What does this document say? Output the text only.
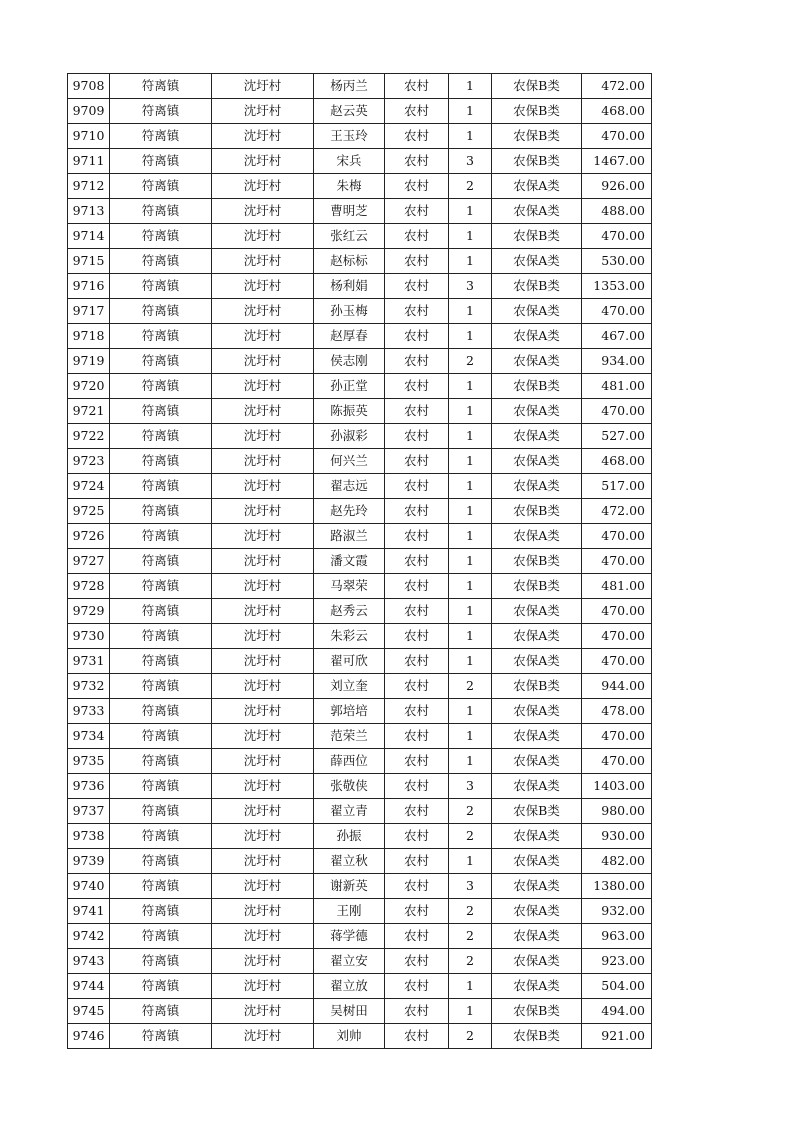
9708	符离镇	沈圩村	杨丙兰	农村	1	农保B类	472.00
9709	符离镇	沈圩村	赵云英	农村	1	农保B类	468.00
9710	符离镇	沈圩村	王玉玲	农村	1	农保B类	470.00
9711	符离镇	沈圩村	宋兵	农村	3	农保B类	1467.00
9712	符离镇	沈圩村	朱梅	农村	2	农保A类	926.00
9713	符离镇	沈圩村	曹明芝	农村	1	农保A类	488.00
9714	符离镇	沈圩村	张红云	农村	1	农保B类	470.00
9715	符离镇	沈圩村	赵标标	农村	1	农保A类	530.00
9716	符离镇	沈圩村	杨利娟	农村	3	农保B类	1353.00
9717	符离镇	沈圩村	孙玉梅	农村	1	农保A类	470.00
9718	符离镇	沈圩村	赵厚春	农村	1	农保A类	467.00
9719	符离镇	沈圩村	侯志刚	农村	2	农保A类	934.00
9720	符离镇	沈圩村	孙正堂	农村	1	农保B类	481.00
9721	符离镇	沈圩村	陈振英	农村	1	农保A类	470.00
9722	符离镇	沈圩村	孙淑彩	农村	1	农保A类	527.00
9723	符离镇	沈圩村	何兴兰	农村	1	农保A类	468.00
9724	符离镇	沈圩村	翟志远	农村	1	农保A类	517.00
9725	符离镇	沈圩村	赵先玲	农村	1	农保B类	472.00
9726	符离镇	沈圩村	路淑兰	农村	1	农保A类	470.00
9727	符离镇	沈圩村	潘文霞	农村	1	农保B类	470.00
9728	符离镇	沈圩村	马翠荣	农村	1	农保B类	481.00
9729	符离镇	沈圩村	赵秀云	农村	1	农保A类	470.00
9730	符离镇	沈圩村	朱彩云	农村	1	农保A类	470.00
9731	符离镇	沈圩村	翟可欣	农村	1	农保A类	470.00
9732	符离镇	沈圩村	刘立奎	农村	2	农保B类	944.00
9733	符离镇	沈圩村	郭培培	农村	1	农保A类	478.00
9734	符离镇	沈圩村	范荣兰	农村	1	农保A类	470.00
9735	符离镇	沈圩村	薛西位	农村	1	农保A类	470.00
9736	符离镇	沈圩村	张敬侠	农村	3	农保A类	1403.00
9737	符离镇	沈圩村	翟立青	农村	2	农保B类	980.00
9738	符离镇	沈圩村	孙振	农村	2	农保A类	930.00
9739	符离镇	沈圩村	翟立秋	农村	1	农保A类	482.00
9740	符离镇	沈圩村	谢新英	农村	3	农保A类	1380.00
9741	符离镇	沈圩村	王刚	农村	2	农保A类	932.00
9742	符离镇	沈圩村	蒋学德	农村	2	农保A类	963.00
9743	符离镇	沈圩村	翟立安	农村	2	农保A类	923.00
9744	符离镇	沈圩村	翟立放	农村	1	农保A类	504.00
9745	符离镇	沈圩村	吴树田	农村	1	农保B类	494.00
9746	符离镇	沈圩村	刘帅	农村	2	农保B类	921.00
